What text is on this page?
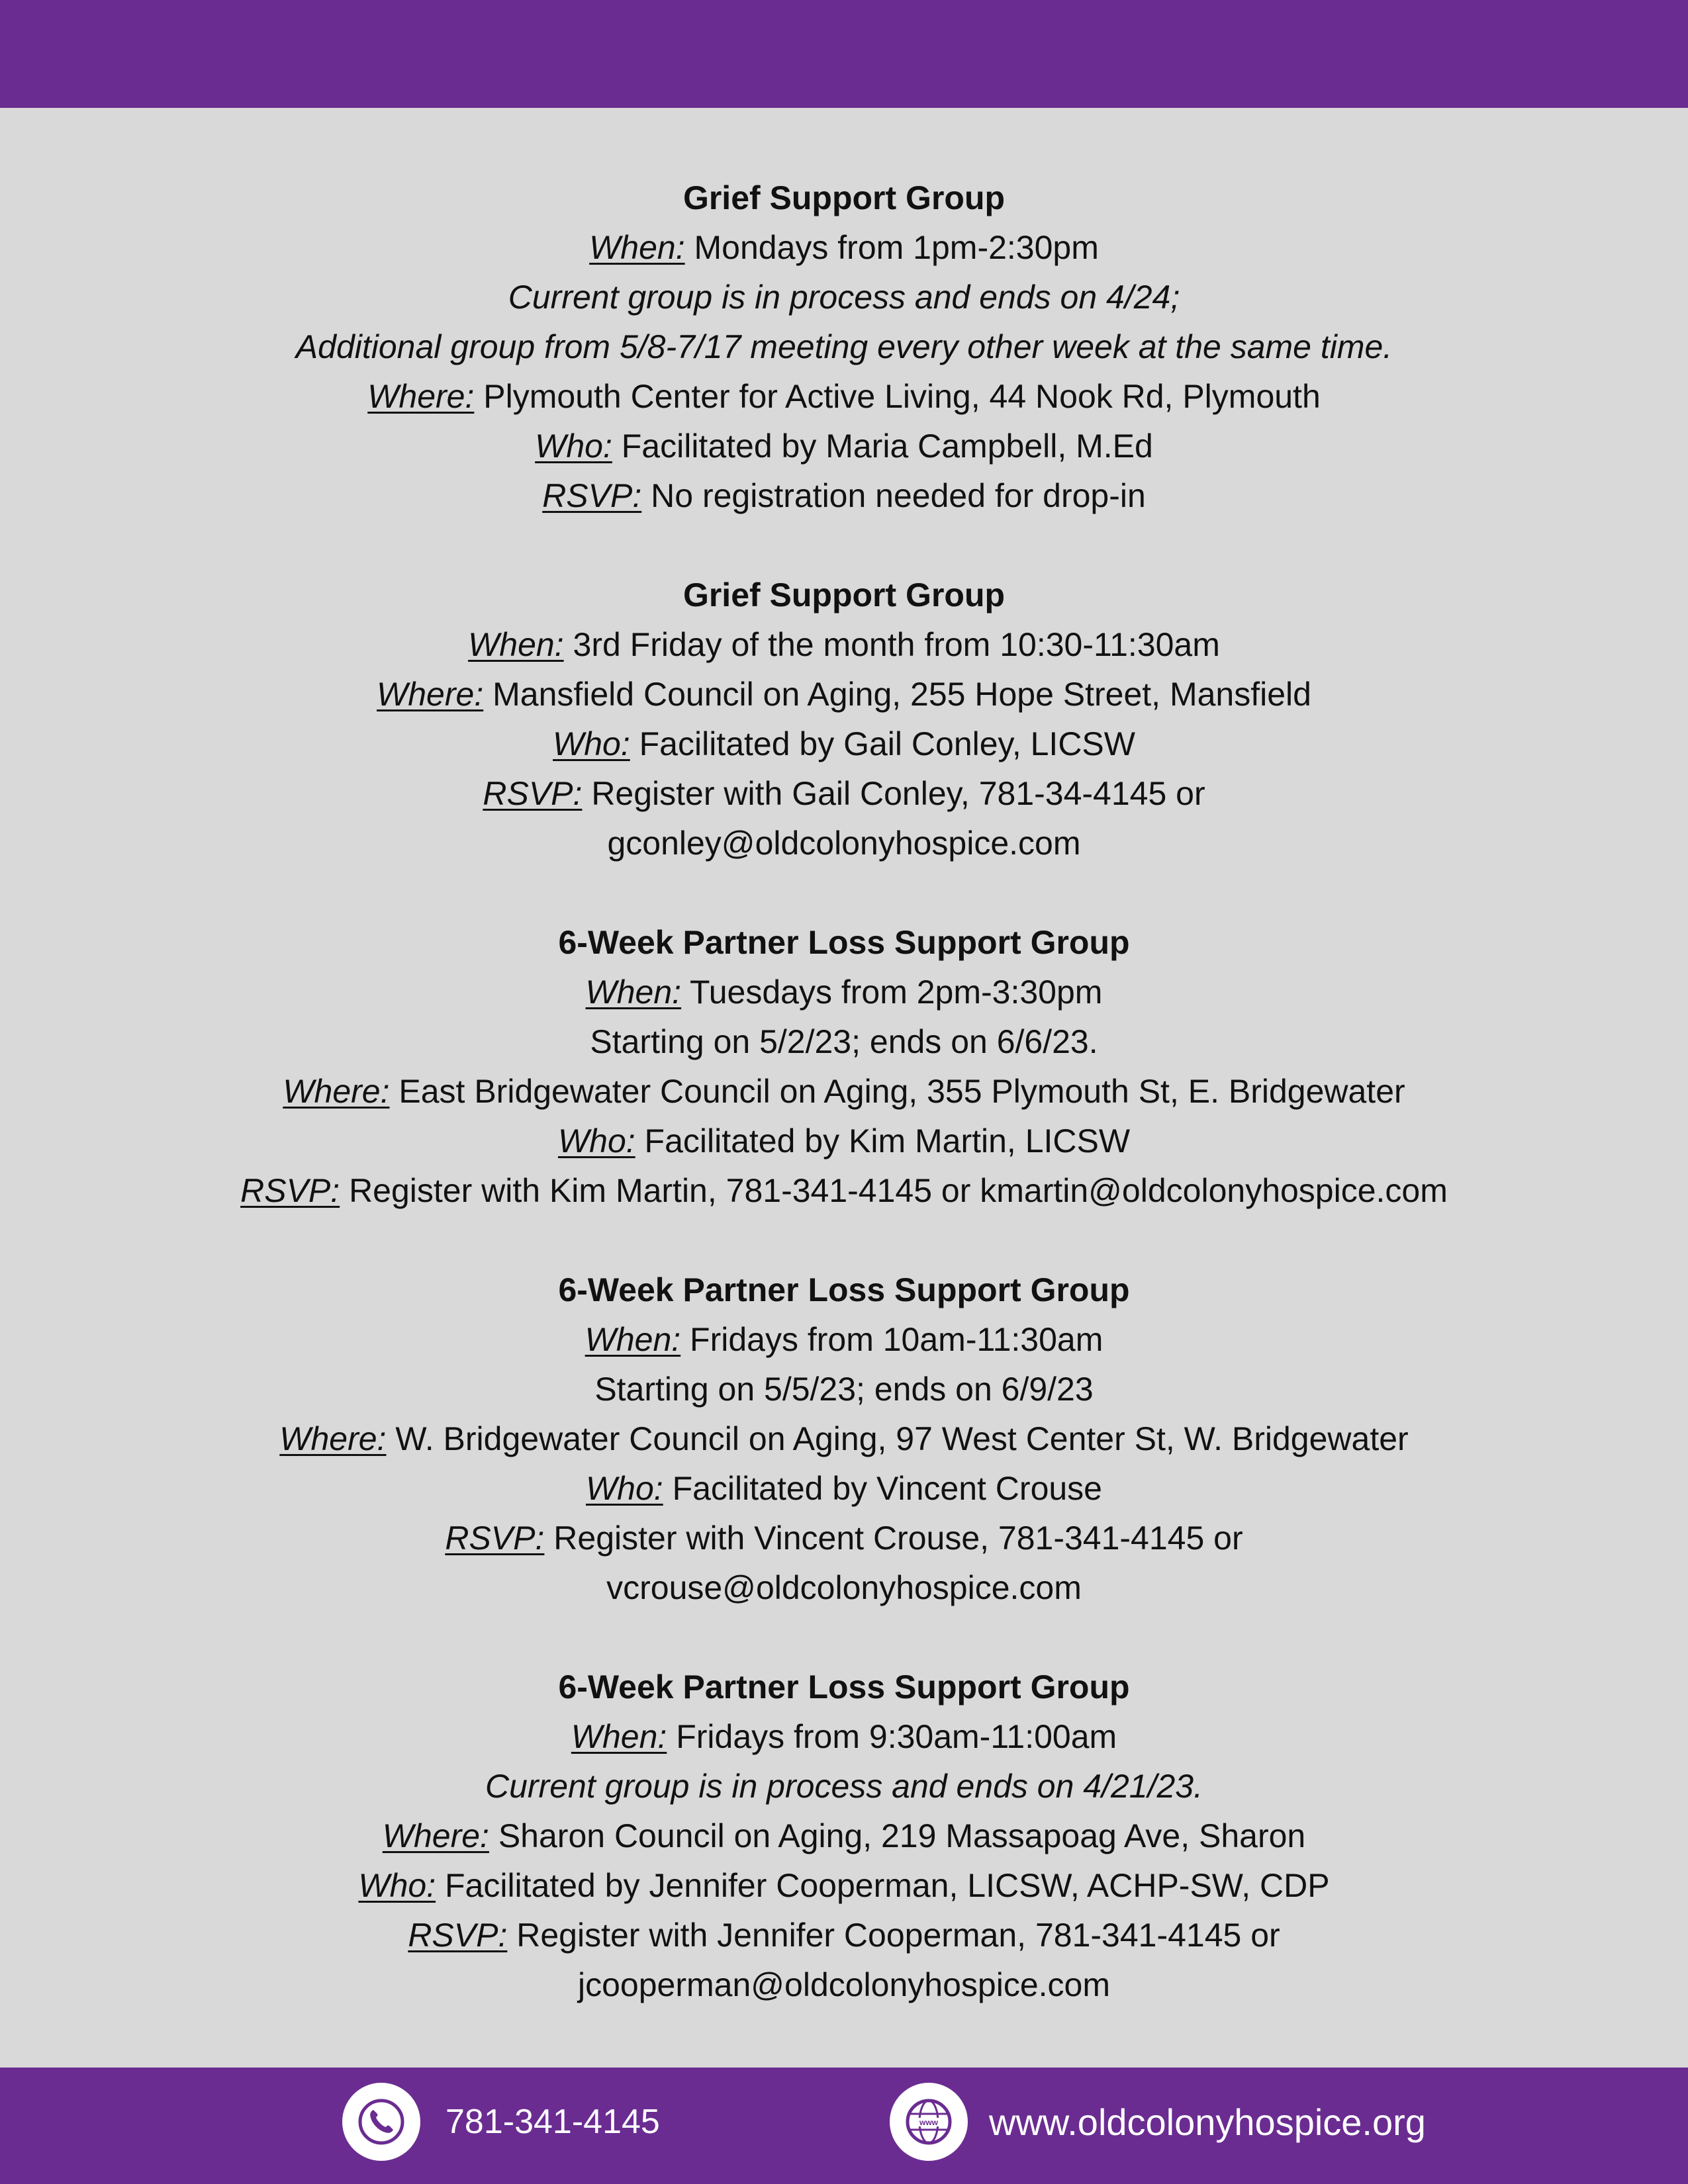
Grief Support Group
When: Mondays from 1pm-2:30pm
Current group is in process and ends on 4/24;
Additional group from 5/8-7/17 meeting every other week at the same time.
Where: Plymouth Center for Active Living, 44 Nook Rd, Plymouth
Who: Facilitated by Maria Campbell, M.Ed
RSVP: No registration needed for drop-in
Grief Support Group
When: 3rd Friday of the month from 10:30-11:30am
Where: Mansfield Council on Aging, 255 Hope Street, Mansfield
Who: Facilitated by Gail Conley, LICSW
RSVP: Register with Gail Conley, 781-34-4145 or
gconley@oldcolonyhospice.com
6-Week Partner Loss Support Group
When: Tuesdays from 2pm-3:30pm
Starting on 5/2/23; ends on 6/6/23.
Where: East Bridgewater Council on Aging, 355 Plymouth St, E. Bridgewater
Who: Facilitated by Kim Martin, LICSW
RSVP: Register with Kim Martin, 781-341-4145 or kmartin@oldcolonyhospice.com
6-Week Partner Loss Support Group
When: Fridays from 10am-11:30am
Starting on 5/5/23; ends on 6/9/23
Where: W. Bridgewater Council on Aging, 97 West Center St, W. Bridgewater
Who: Facilitated by Vincent Crouse
RSVP: Register with Vincent Crouse, 781-341-4145 or
vcrouse@oldcolonyhospice.com
6-Week Partner Loss Support Group
When: Fridays from 9:30am-11:00am
Current group is in process and ends on 4/21/23.
Where: Sharon Council on Aging, 219 Massapoag Ave, Sharon
Who: Facilitated by Jennifer Cooperman, LICSW, ACHP-SW, CDP
RSVP: Register with Jennifer Cooperman, 781-341-4145 or
jcooperman@oldcolonyhospice.com
781-341-4145	www www.oldcolonyhospice.org
